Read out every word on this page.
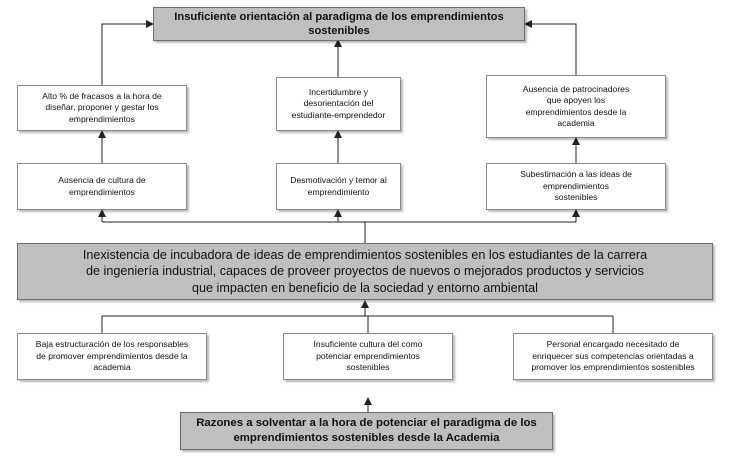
Insuficiente orientación al paradigma de los emprendimientos
sostenibles
Alto % de fracasos a la hora de
diseñar, proponer y gestar los
emprendimientos
Incertidumbre y
desorientación del
estudiante-emprendedor
Ausencia de patrocinadores
que apoyen los
emprendimientos desde la
academia
Ausencia de cultura de
emprendimientos
Desmotivación y temor al
emprendimiento
Subestimación a las ideas de
emprendimientos
sostenibles
Inexistencia de incubadora de ideas de emprendimientos sostenibles en los estudiantes de la carrera
de ingeniería industrial, capaces de proveer proyectos de nuevos o mejorados productos y servicios
que impacten en beneficio de la sociedad y entorno ambiental
Baja estructuración de los responsables
de promover emprendimientos desde la
academia
Insuficiente cultura del como
potenciar emprendimientos
sostenibles
Personal encargado necesitado de
enriquecer sus competencias orientadas a
promover los emprendimientos sostenibles
Razones a solventar a la hora de potenciar el paradigma de los
emprendimientos sostenibles desde la Academia
